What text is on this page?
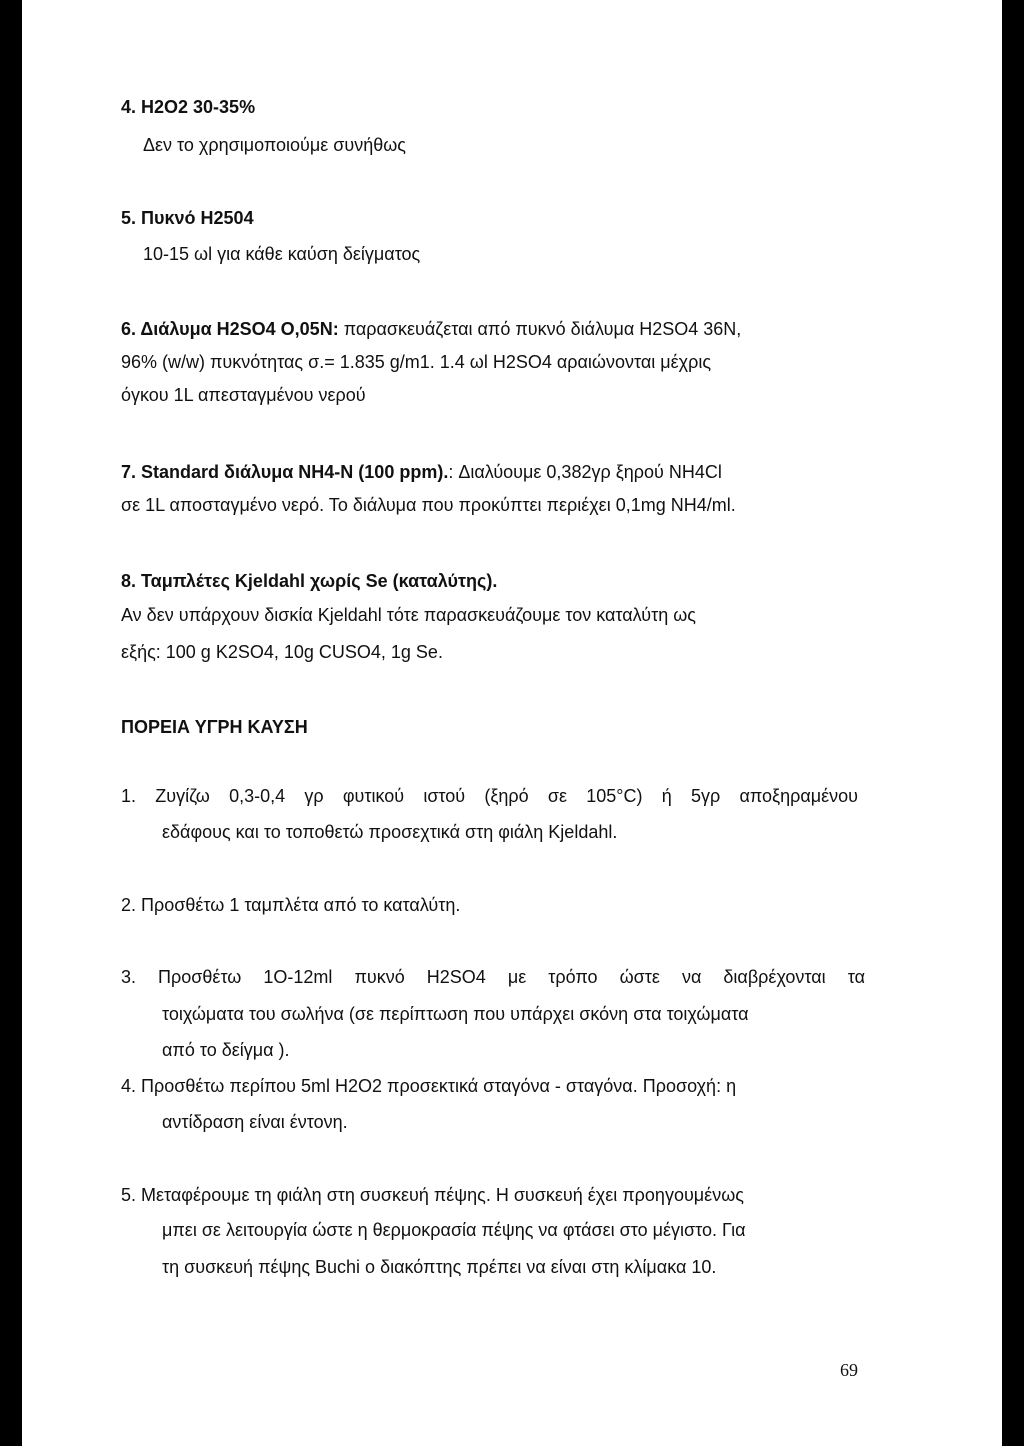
4. H2O2 30-35%
Δεν το χρησιμοποιούμε συνήθως
5. Πυκνό H2504
10-15 ωl για κάθε καύση δείγματος
6. Διάλυμα H2SO4 O,05N: παρασκευάζεται από πυκνό διάλυμα H2SO4 36N,
96% (w/w) πυκνότητας σ.= 1.835 g/m1. 1.4 ωl H2SO4 αραιώνονται μέχρις
όγκου 1L απεσταγμένου νερού
7. Standard διάλυμα NH4-N (100 ppm).: Διαλύουμε 0,382γρ ξηρού NH4Cl
σε 1L αποσταγμένο νερό. Το διάλυμα που προκύπτει περιέχει 0,1mg NH4/ml.
8. Ταμπλέτες Kjeldahl χωρίς Se (καταλύτης).
Αν δεν υπάρχουν δισκία Kjeldahl τότε παρασκευάζουμε τον καταλύτη ως
εξής: 100 g K2SO4, 10g CUSO4, 1g Se.
ΠΟΡΕΙΑ ΥΓΡΗ ΚΑΥΣΗ
1. Ζυγίζω 0,3-0,4 γρ φυτικού ιστού (ξηρό σε 105°C) ή 5γρ αποξηραμένου
εδάφους και το τοποθετώ προσεχτικά στη φιάλη Kjeldahl.
2. Προσθέτω 1 ταμπλέτα από το καταλύτη.
3. Προσθέτω 1O-12ml πυκνό H2SO4 με τρόπο ώστε να διαβρέχονται τα
τοιχώματα του σωλήνα (σε περίπτωση που υπάρχει σκόνη στα τοιχώματα
από το δείγμα ).
4. Προσθέτω περίπου 5ml H2O2 προσεκτικά σταγόνα - σταγόνα. Προσοχή: η
αντίδραση είναι έντονη.
5. Μεταφέρουμε τη φιάλη στη συσκευή πέψης. Η συσκευή έχει προηγουμένως
μπει σε λειτουργία ώστε η θερμοκρασία πέψης να φτάσει στο μέγιστο. Για
τη συσκευή πέψης Buchi ο διακόπτης πρέπει να είναι στη κλίμακα 10.
69
